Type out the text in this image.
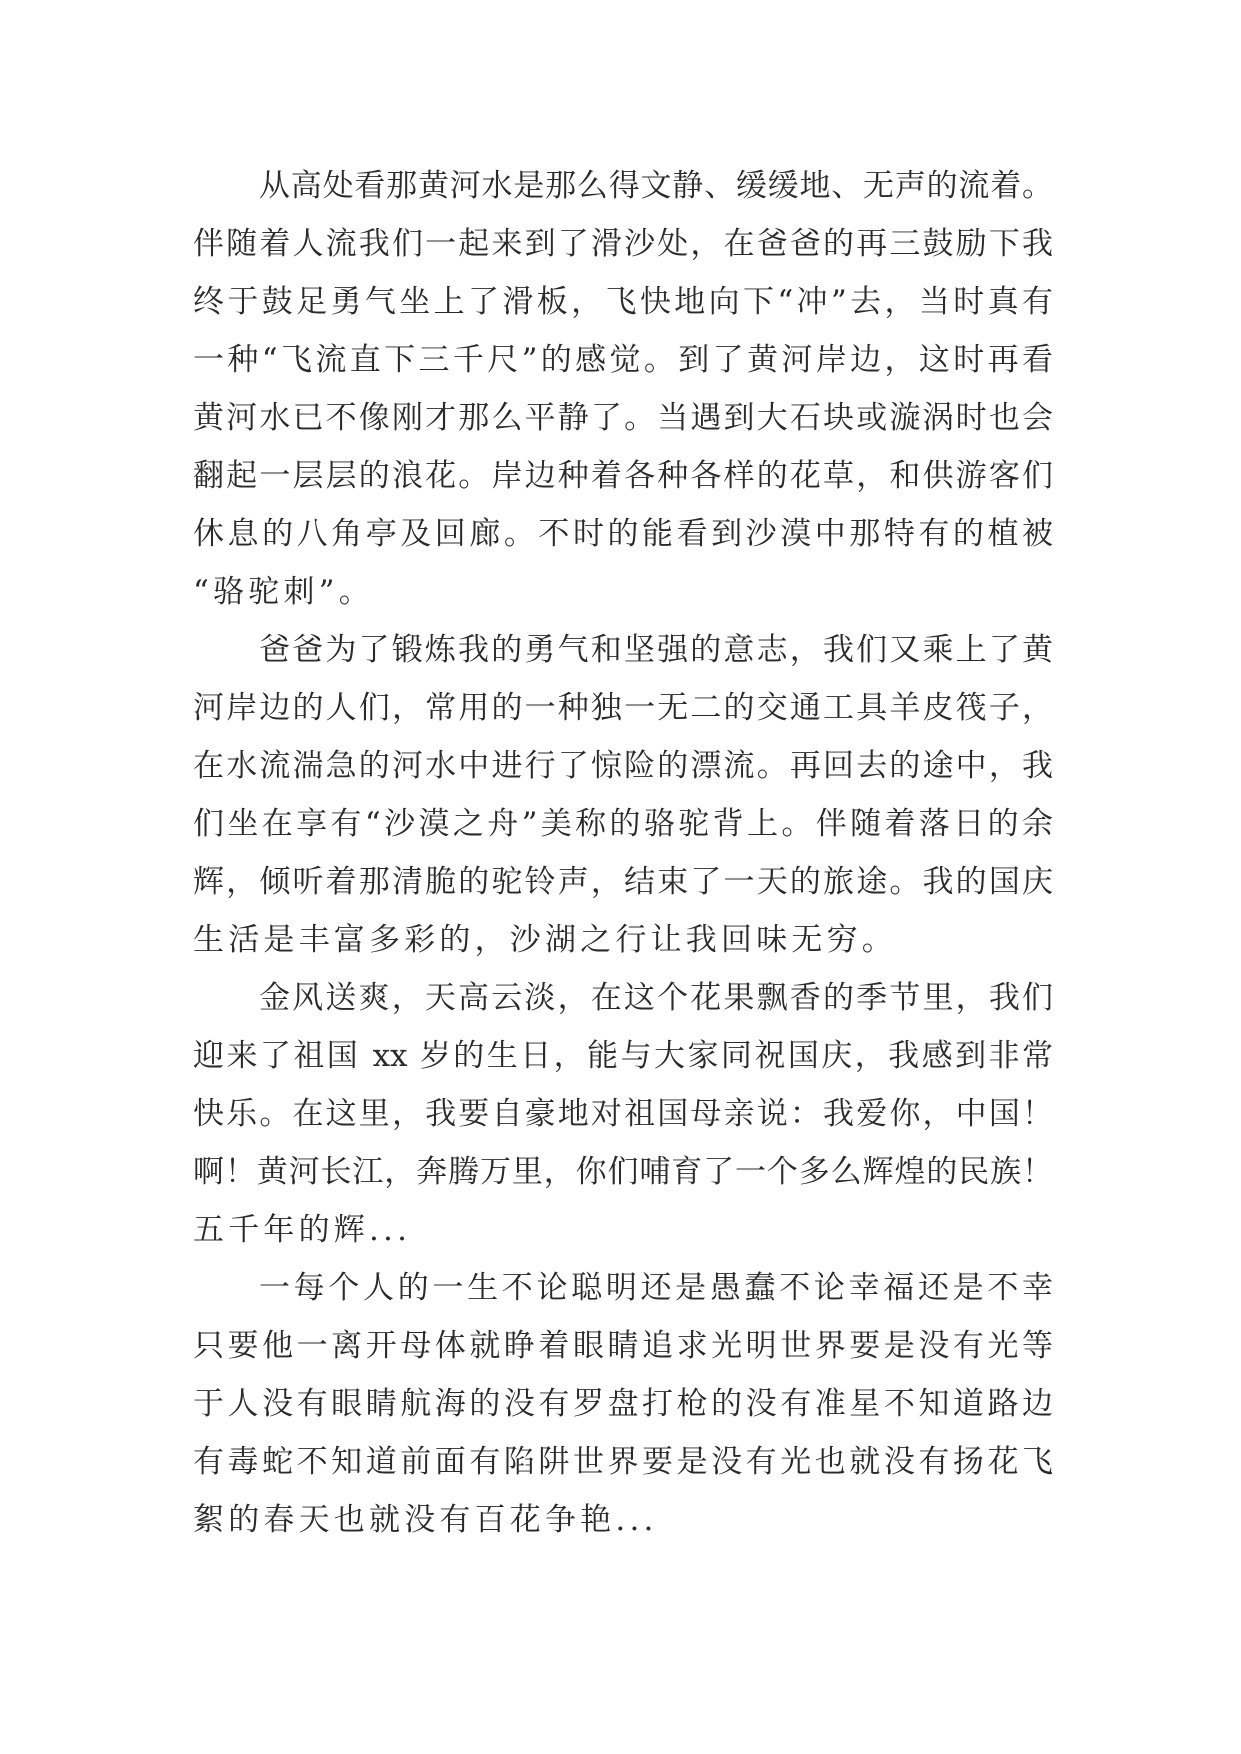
从高处看那黄河水是那么得文静、缓缓地、无声的流着。
伴随着人流我们一起来到了滑沙处，在爸爸的再三鼓励下我
终于鼓足勇气坐上了滑板，飞快地向下“冲”去，当时真有
一种“飞流直下三千尺”的感觉。到了黄河岸边，这时再看
黄河水已不像刚才那么平静了。当遇到大石块或漩涡时也会
翻起一层层的浪花。岸边种着各种各样的花草，和供游客们
休息的八角亭及回廊。不时的能看到沙漠中那特有的植被
“骆驼刺”。
爸爸为了锻炼我的勇气和坚强的意志，我们又乘上了黄
河岸边的人们，常用的一种独一无二的交通工具羊皮筏子，
在水流湍急的河水中进行了惊险的漂流。再回去的途中，我
们坐在享有“沙漠之舟”美称的骆驼背上。伴随着落日的余
辉，倾听着那清脆的驼铃声，结束了一天的旅途。我的国庆
生活是丰富多彩的，沙湖之行让我回味无穷。
金风送爽，天高云淡，在这个花果飘香的季节里，我们
迎来了祖国 xx 岁的生日，能与大家同祝国庆，我感到非常
快乐。在这里，我要自豪地对祖国母亲说：我爱你，中国！
啊！黄河长江，奔腾万里，你们哺育了一个多么辉煌的民族！
五千年的辉...
一每个人的一生不论聪明还是愚蠢不论幸福还是不幸
只要他一离开母体就睁着眼睛追求光明世界要是没有光等
于人没有眼睛航海的没有罗盘打枪的没有准星不知道路边
有毒蛇不知道前面有陷阱世界要是没有光也就没有扬花飞
絮的春天也就没有百花争艳...
